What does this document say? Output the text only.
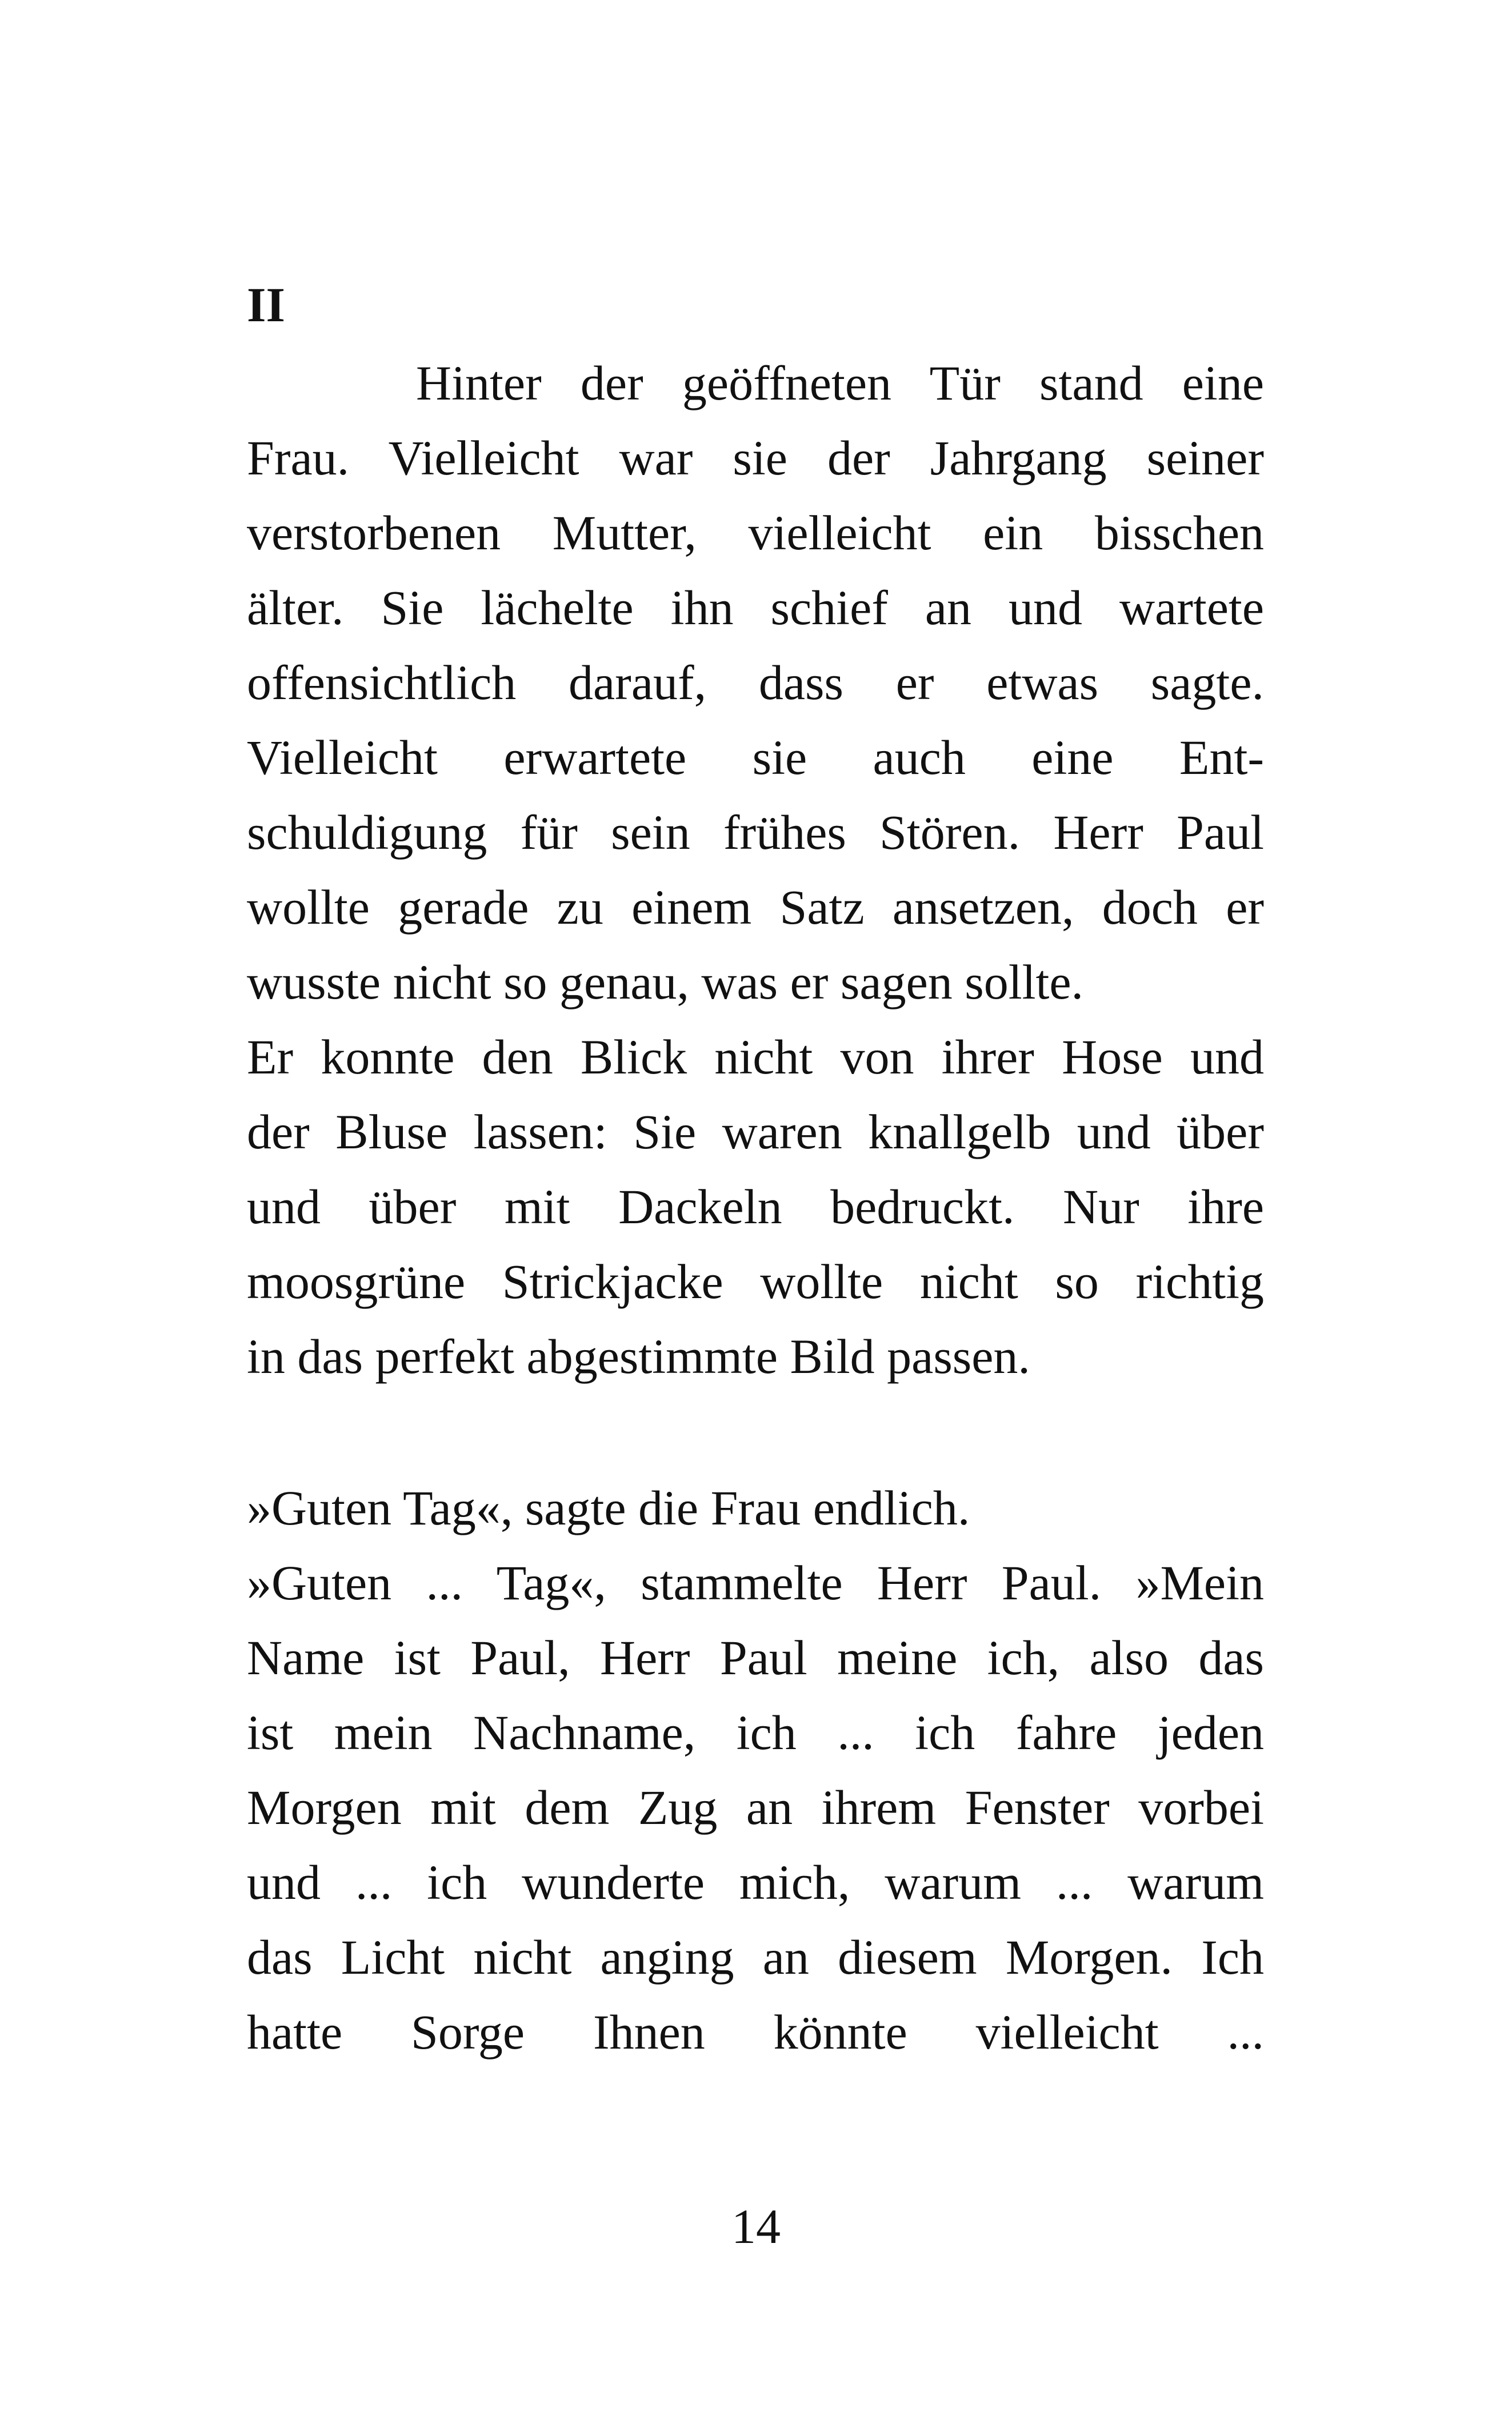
II
Hinter der geöffneten Tür stand eine
Frau. Vielleicht war sie der Jahrgang seiner
verstorbenen Mutter, vielleicht ein bisschen
älter. Sie lächelte ihn schief an und wartete
offensichtlich darauf, dass er etwas sagte.
Vielleicht erwartete sie auch eine Ent-
schuldigung für sein frühes Stören. Herr Paul
wollte gerade zu einem Satz ansetzen, doch er
wusste nicht so genau, was er sagen sollte.
Er konnte den Blick nicht von ihrer Hose und
der Bluse lassen: Sie waren knallgelb und über
und über mit Dackeln bedruckt. Nur ihre
moosgrüne Strickjacke wollte nicht so richtig
in das perfekt abgestimmte Bild passen.
»Guten Tag«, sagte die Frau endlich.
»Guten ... Tag«, stammelte Herr Paul. »Mein
Name ist Paul, Herr Paul meine ich, also das
ist mein Nachname, ich ... ich fahre jeden
Morgen mit dem Zug an ihrem Fenster vorbei
und ... ich wunderte mich, warum ... warum
das Licht nicht anging an diesem Morgen. Ich
hatte Sorge Ihnen könnte vielleicht ...
14
